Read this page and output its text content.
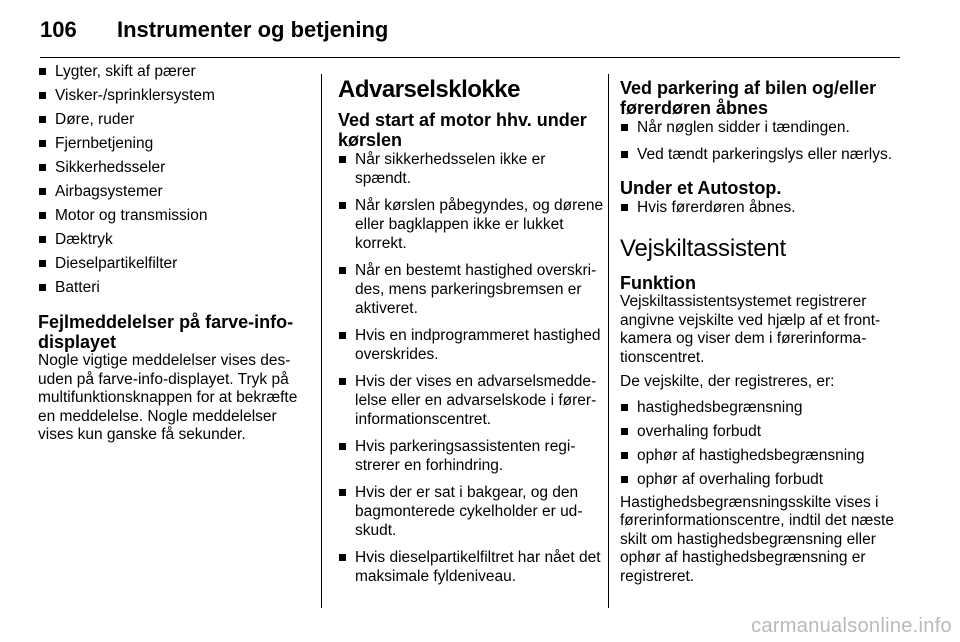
106 Instrumenter og betjening
Lygter, skift af pærer
Visker-/sprinklersystem
Døre, ruder
Fjernbetjening
Sikkerhedsseler
Airbagsystemer
Motor og transmission
Dæktryk
Dieselpartikelfilter
Batteri
Fejlmeddelelser på farve-info-displayet

Nogle vigtige meddelelser vises desuden på farve-info-displayet. Tryk på multifunktionsknappen for at bekræfte en meddelelse. Nogle meddelelser vises kun ganske få sekunder.

Advarselsklokke
Ved start af motor hhv. under kørslen
Når sikkerhedsselen ikke er spændt.
Når kørslen påbegyndes, og dørene eller bagklappen ikke er lukket korrekt.
Når en bestemt hastighed overskrides, mens parkeringsbremsen er aktiveret.
Hvis en indprogrammeret hastighed overskrides.
Hvis der vises en advarselsmeddelelse eller en advarselskode i førerinformationscentret.
Hvis parkeringsassistenten registrerer en forhindring.
Hvis der er sat i bakgear, og den bagmonterede cykelholder er udskudt.
Hvis dieselpartikelfiltret har nået det maksimale fyldeniveau.
Ved parkering af bilen og/eller førerdøren åbnes
Når nøglen sidder i tændingen.
Ved tændt parkeringslys eller nærlys.
Under et Autostop.
Hvis førerdøren åbnes.
Vejskiltassistent
Funktion

Vejskiltassistentsystemet registrerer angivne vejskilte ved hjælp af et frontkamera og viser dem i førerinformationscentret.

De vejskilte, der registreres, er:

hastighedsbegrænsning
overhaling forbudt
ophør af hastighedsbegrænsning
ophør af overhaling forbudt

Hastighedsbegrænsningsskilte vises i førerinformationscentre, indtil det næste skilt om hastighedsbegrænsning eller ophør af hastighedsbegrænsning er registreret.

carmanualsonline.info
